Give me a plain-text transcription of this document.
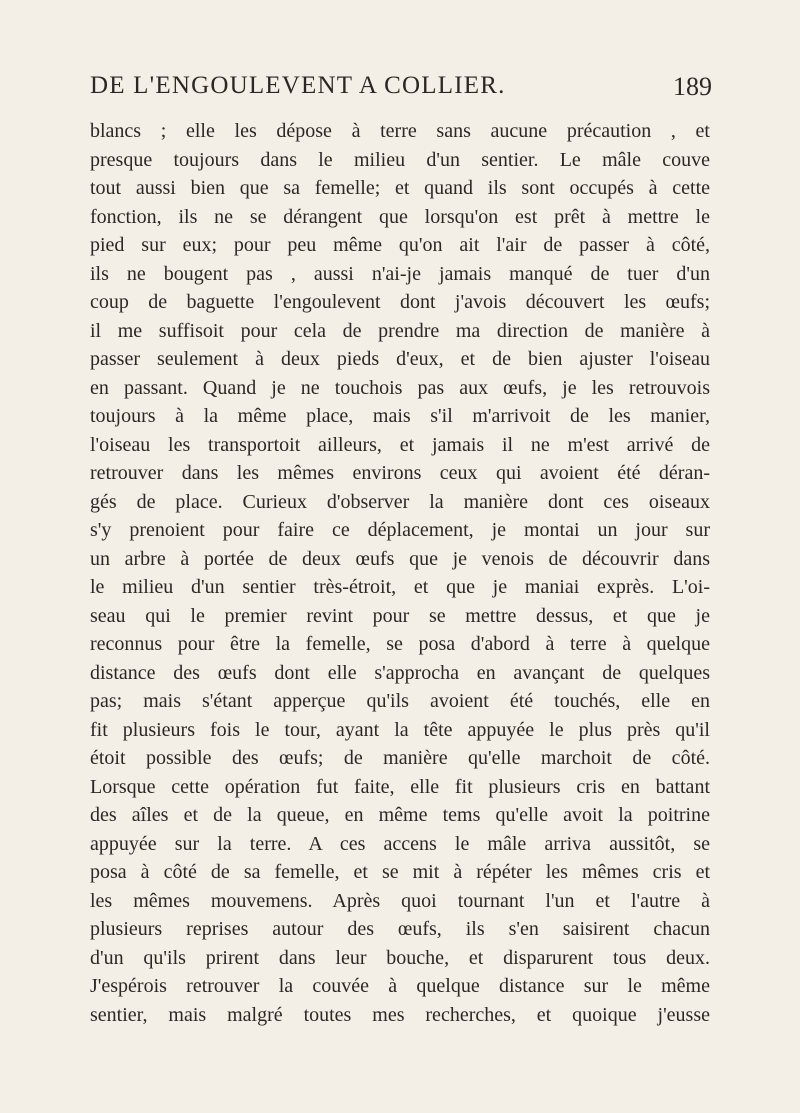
DE L'ENGOULEVENT A COLLIER.	189
blancs ; elle les dépose à terre sans aucune précaution , et
presque toujours dans le milieu d'un sentier. Le mâle couve
tout aussi bien que sa femelle; et quand ils sont occupés à cette
fonction, ils ne se dérangent que lorsqu'on est prêt à mettre le
pied sur eux; pour peu même qu'on ait l'air de passer à côté,
ils ne bougent pas , aussi n'ai-je jamais manqué de tuer d'un
coup de baguette l'engoulevent dont j'avois découvert les œufs;
il me suffisoit pour cela de prendre ma direction de manière à
passer seulement à deux pieds d'eux, et de bien ajuster l'oiseau
en passant. Quand je ne touchois pas aux œufs, je les retrouvois
toujours à la même place, mais s'il m'arrivoit de les manier,
l'oiseau les transportoit ailleurs, et jamais il ne m'est arrivé de
retrouver dans les mêmes environs ceux qui avoient été déran-
gés de place. Curieux d'observer la manière dont ces oiseaux
s'y prenoient pour faire ce déplacement, je montai un jour sur
un arbre à portée de deux œufs que je venois de découvrir dans
le milieu d'un sentier très-étroit, et que je maniai exprès. L'oi-
seau qui le premier revint pour se mettre dessus, et que je
reconnus pour être la femelle, se posa d'abord à terre à quelque
distance des œufs dont elle s'approcha en avançant de quelques
pas; mais s'étant apperçue qu'ils avoient été touchés, elle en
fit plusieurs fois le tour, ayant la tête appuyée le plus près qu'il
étoit possible des œufs; de manière qu'elle marchoit de côté.
Lorsque cette opération fut faite, elle fit plusieurs cris en battant
des aîles et de la queue, en même tems qu'elle avoit la poitrine
appuyée sur la terre. A ces accens le mâle arriva aussitôt, se
posa à côté de sa femelle, et se mit à répéter les mêmes cris et
les mêmes mouvemens. Après quoi tournant l'un et l'autre à
plusieurs reprises autour des œufs, ils s'en saisirent chacun
d'un qu'ils prirent dans leur bouche, et disparurent tous deux.
J'espérois retrouver la couvée à quelque distance sur le même
sentier, mais malgré toutes mes recherches, et quoique j'eusse
